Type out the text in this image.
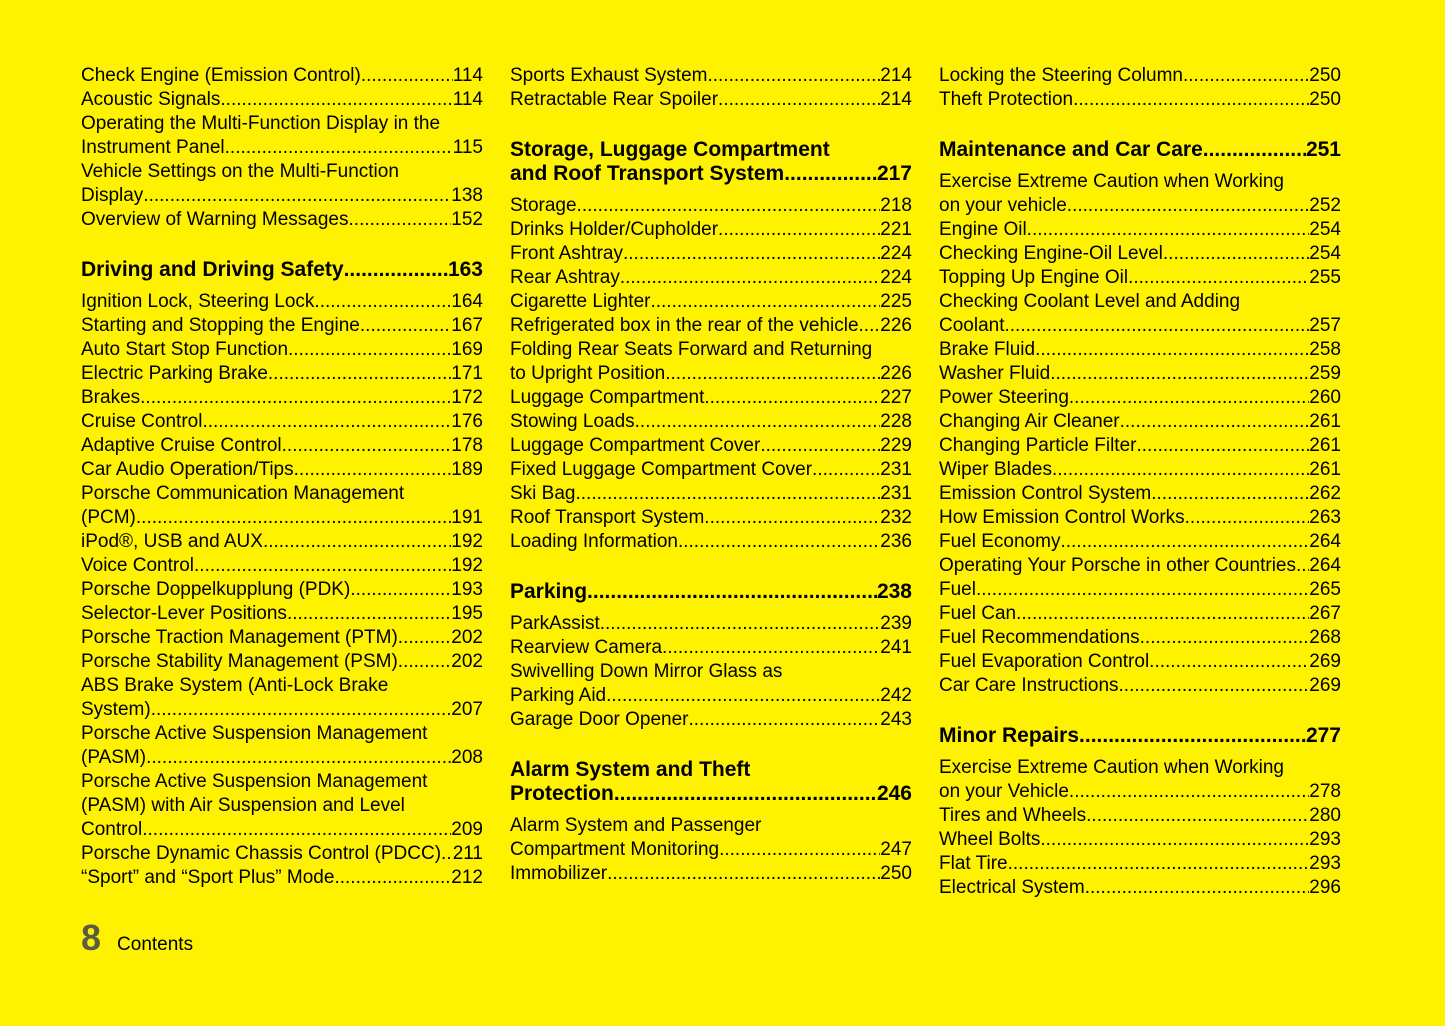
Check Engine (Emission Control) .....	114
Acoustic Signals .....	114
Operating the Multi-Function Display in the
Instrument Panel .....	115
Vehicle Settings on the Multi-Function
Display .....	138
Overview of Warning Messages .....	152
Driving and Driving Safety .....	163
Ignition Lock, Steering Lock .....	164
Starting and Stopping the Engine .....	167
Auto Start Stop Function .....	169
Electric Parking Brake .....	171
Brakes .....	172
Cruise Control .....	176
Adaptive Cruise Control .....	178
Car Audio Operation/Tips .....	189
Porsche Communication Management
(PCM) .....	191
iPod®, USB and AUX .....	192
Voice Control .....	192
Porsche Doppelkupplung (PDK) .....	193
Selector-Lever Positions .....	195
Porsche Traction Management (PTM) .....	202
Porsche Stability Management (PSM) .....	202
ABS Brake System (Anti-Lock Brake
System) .....	207
Porsche Active Suspension Management
(PASM) .....	208
Porsche Active Suspension Management
(PASM) with Air Suspension and Level
Control .....	209
Porsche Dynamic Chassis Control (PDCC) ..... 211
“Sport” and “Sport Plus” Mode .....	212
Sports Exhaust System .....	214
Retractable Rear Spoiler .....	214
Storage, Luggage Compartment
and Roof Transport System .....	217
Storage .....	218
Drinks Holder/Cupholder .....	221
Front Ashtray .....	224
Rear Ashtray .....	224
Cigarette Lighter .....	225
Refrigerated box in the rear of the vehicle ..... 226
Folding Rear Seats Forward and Returning
to Upright Position .....	226
Luggage Compartment .....	227
Stowing Loads .....	228
Luggage Compartment Cover .....	229
Fixed Luggage Compartment Cover .....	231
Ski Bag .....	231
Roof Transport System .....	232
Loading Information .....	236
Parking .....	238
ParkAssist .....	239
Rearview Camera .....	241
Swivelling Down Mirror Glass as
Parking Aid .....	242
Garage Door Opener .....	243
Alarm System and Theft
Protection .....	246
Alarm System and Passenger
Compartment Monitoring .....	247
Immobilizer .....	250
Locking the Steering Column .....	250
Theft Protection .....	250
Maintenance and Car Care .....	251
Exercise Extreme Caution when Working
on your vehicle .....	252
Engine Oil .....	254
Checking Engine-Oil Level .....	254
Topping Up Engine Oil .....	255
Checking Coolant Level and Adding
Coolant .....	257
Brake Fluid .....	258
Washer Fluid .....	259
Power Steering .....	260
Changing Air Cleaner .....	261
Changing Particle Filter .....	261
Wiper Blades .....	261
Emission Control System .....	262
How Emission Control Works .....	263
Fuel Economy .....	264
Operating Your Porsche in other Countries ..... 264
Fuel .....	265
Fuel Can .....	267
Fuel Recommendations .....	268
Fuel Evaporation Control .....	269
Car Care Instructions .....	269
Minor Repairs .....	277
Exercise Extreme Caution when Working
on your Vehicle .....	278
Tires and Wheels .....	280
Wheel Bolts .....	293
Flat Tire .....	293
Electrical System .....	296
8 Contents
